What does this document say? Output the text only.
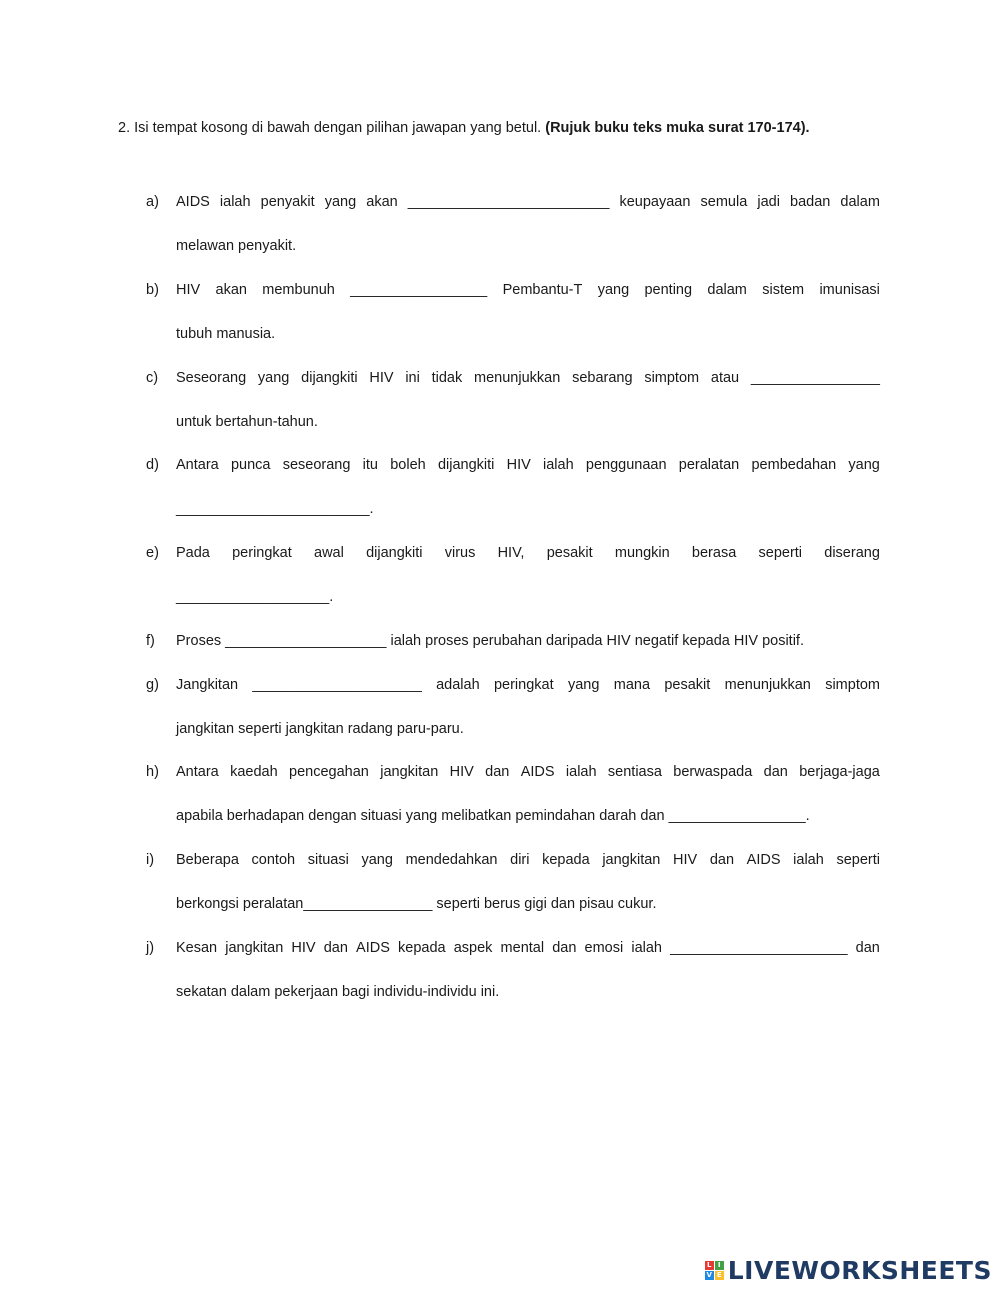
2. Isi tempat kosong di bawah dengan pilihan jawapan yang betul. (Rujuk buku teks muka surat 170-174).
a) AIDS ialah penyakit yang akan _________________________ keupayaan semula jadi badan dalam
melawan penyakit.
b) HIV akan membunuh _________________ Pembantu-T yang penting dalam sistem imunisasi
tubuh manusia.
c) Seseorang yang dijangkiti HIV ini tidak menunjukkan sebarang simptom atau ________________
untuk bertahun-tahun.
d) Antara punca seseorang itu boleh dijangkiti HIV ialah penggunaan peralatan pembedahan yang
________________________.
e) Pada peringkat awal dijangkiti virus HIV, pesakit mungkin berasa seperti diserang
___________________.
f) Proses ____________________ ialah proses perubahan daripada HIV negatif kepada HIV positif.
g) Jangkitan _____________________ adalah peringkat yang mana pesakit menunjukkan simptom
jangkitan seperti jangkitan radang paru-paru.
h) Antara kaedah pencegahan jangkitan HIV dan AIDS ialah sentiasa berwaspada dan berjaga-jaga
apabila berhadapan dengan situasi yang melibatkan pemindahan darah dan _________________.
i) Beberapa contoh situasi yang mendedahkan diri kepada jangkitan HIV dan AIDS ialah seperti
berkongsi peralatan________________ seperti berus gigi dan pisau cukur.
j) Kesan jangkitan HIV dan AIDS kepada aspek mental dan emosi ialah ______________________ dan
sekatan dalam pekerjaan bagi individu-individu ini.
L I
V E LIVEWORKSHEETS
